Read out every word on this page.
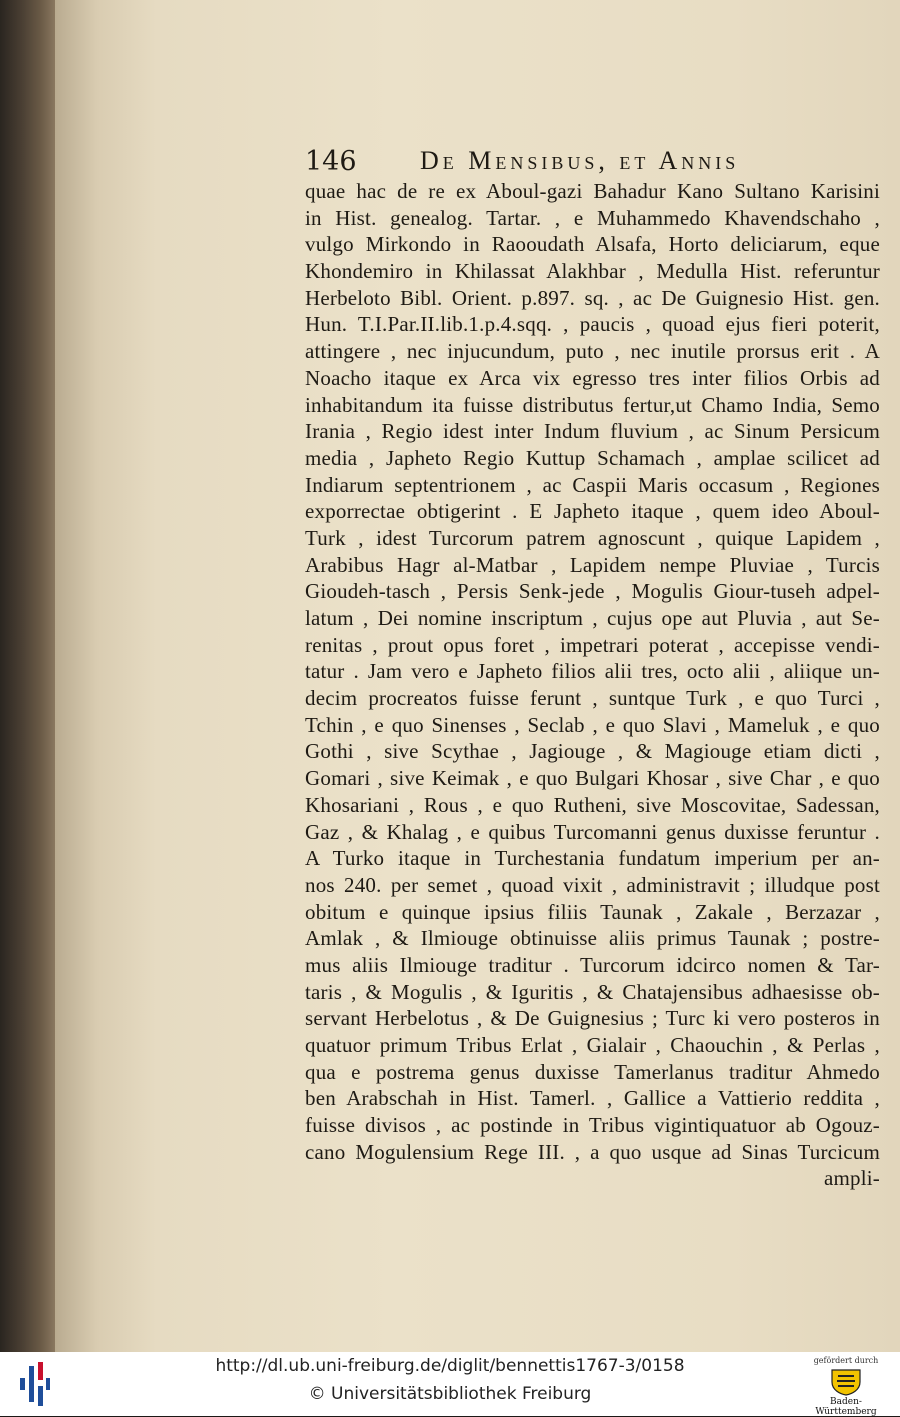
146 De Mensibus, et Annis
quae hac de re ex Aboul-gazi Bahadur Kano Sultano Karisini
in Hist. genealog. Tartar. , e Muhammedo Khavendschaho ,
vulgo Mirkondo in Raooudath Alsafa, Horto deliciarum, eque
Khondemiro in Khilassat Alakhbar , Medulla Hist. referuntur
Herbeloto Bibl. Orient. p.897. sq. , ac De Guignesio Hist. gen.
Hun. T.I.Par.II.lib.1.p.4.sqq. , paucis , quoad ejus fieri poterit,
attingere , nec injucundum, puto , nec inutile prorsus erit . A
Noacho itaque ex Arca vix egresso tres inter filios Orbis ad
inhabitandum ita fuisse distributus fertur,ut Chamo India, Semo
Irania , Regio idest inter Indum fluvium , ac Sinum Persicum
media , Japheto Regio Kuttup Schamach , amplae scilicet ad
Indiarum septentrionem , ac Caspii Maris occasum , Regiones
exporrectae obtigerint . E Japheto itaque , quem ideo Aboul-
Turk , idest Turcorum patrem agnoscunt , quique Lapidem ,
Arabibus Hagr al-Matbar , Lapidem nempe Pluviae , Turcis
Gioudeh-tasch , Persis Senk-jede , Mogulis Giour-tuseh adpel-
latum , Dei nomine inscriptum , cujus ope aut Pluvia , aut Se-
renitas , prout opus foret , impetrari poterat , accepisse vendi-
tatur . Jam vero e Japheto filios alii tres, octo alii , aliique un-
decim procreatos fuisse ferunt , suntque Turk , e quo Turci ,
Tchin , e quo Sinenses , Seclab , e quo Slavi , Mameluk , e quo
Gothi , sive Scythae , Jagiouge , & Magiouge etiam dicti ,
Gomari , sive Keimak , e quo Bulgari Khosar , sive Char , e quo
Khosariani , Rous , e quo Rutheni, sive Moscovitae, Sadessan,
Gaz , & Khalag , e quibus Turcomanni genus duxisse feruntur .
A Turko itaque in Turchestania fundatum imperium per an-
nos 240. per semet , quoad vixit , administravit ; illudque post
obitum e quinque ipsius filiis Taunak , Zakale , Berzazar ,
Amlak , & Ilmiouge obtinuisse aliis primus Taunak ; postre-
mus aliis Ilmiouge traditur . Turcorum idcirco nomen & Tar-
taris , & Mogulis , & Iguritis , & Chatajensibus adhaesisse ob-
servant Herbelotus , & De Guignesius ; Turc ki vero posteros in
quatuor primum Tribus Erlat , Gialair , Chaouchin , & Perlas ,
qua e postrema genus duxisse Tamerlanus traditur Ahmedo
ben Arabschah in Hist. Tamerl. , Gallice a Vattierio reddita ,
fuisse divisos , ac postinde in Tribus vigintiquatuor ab Ogouz-
cano Mogulensium Rege III. , a quo usque ad Sinas Turcicum
ampli-
http://dl.ub.uni-freiburg.de/diglit/bennettis1767-3/0158
© Universitätsbibliothek Freiburg
gefördert durch
Baden-Württemberg
